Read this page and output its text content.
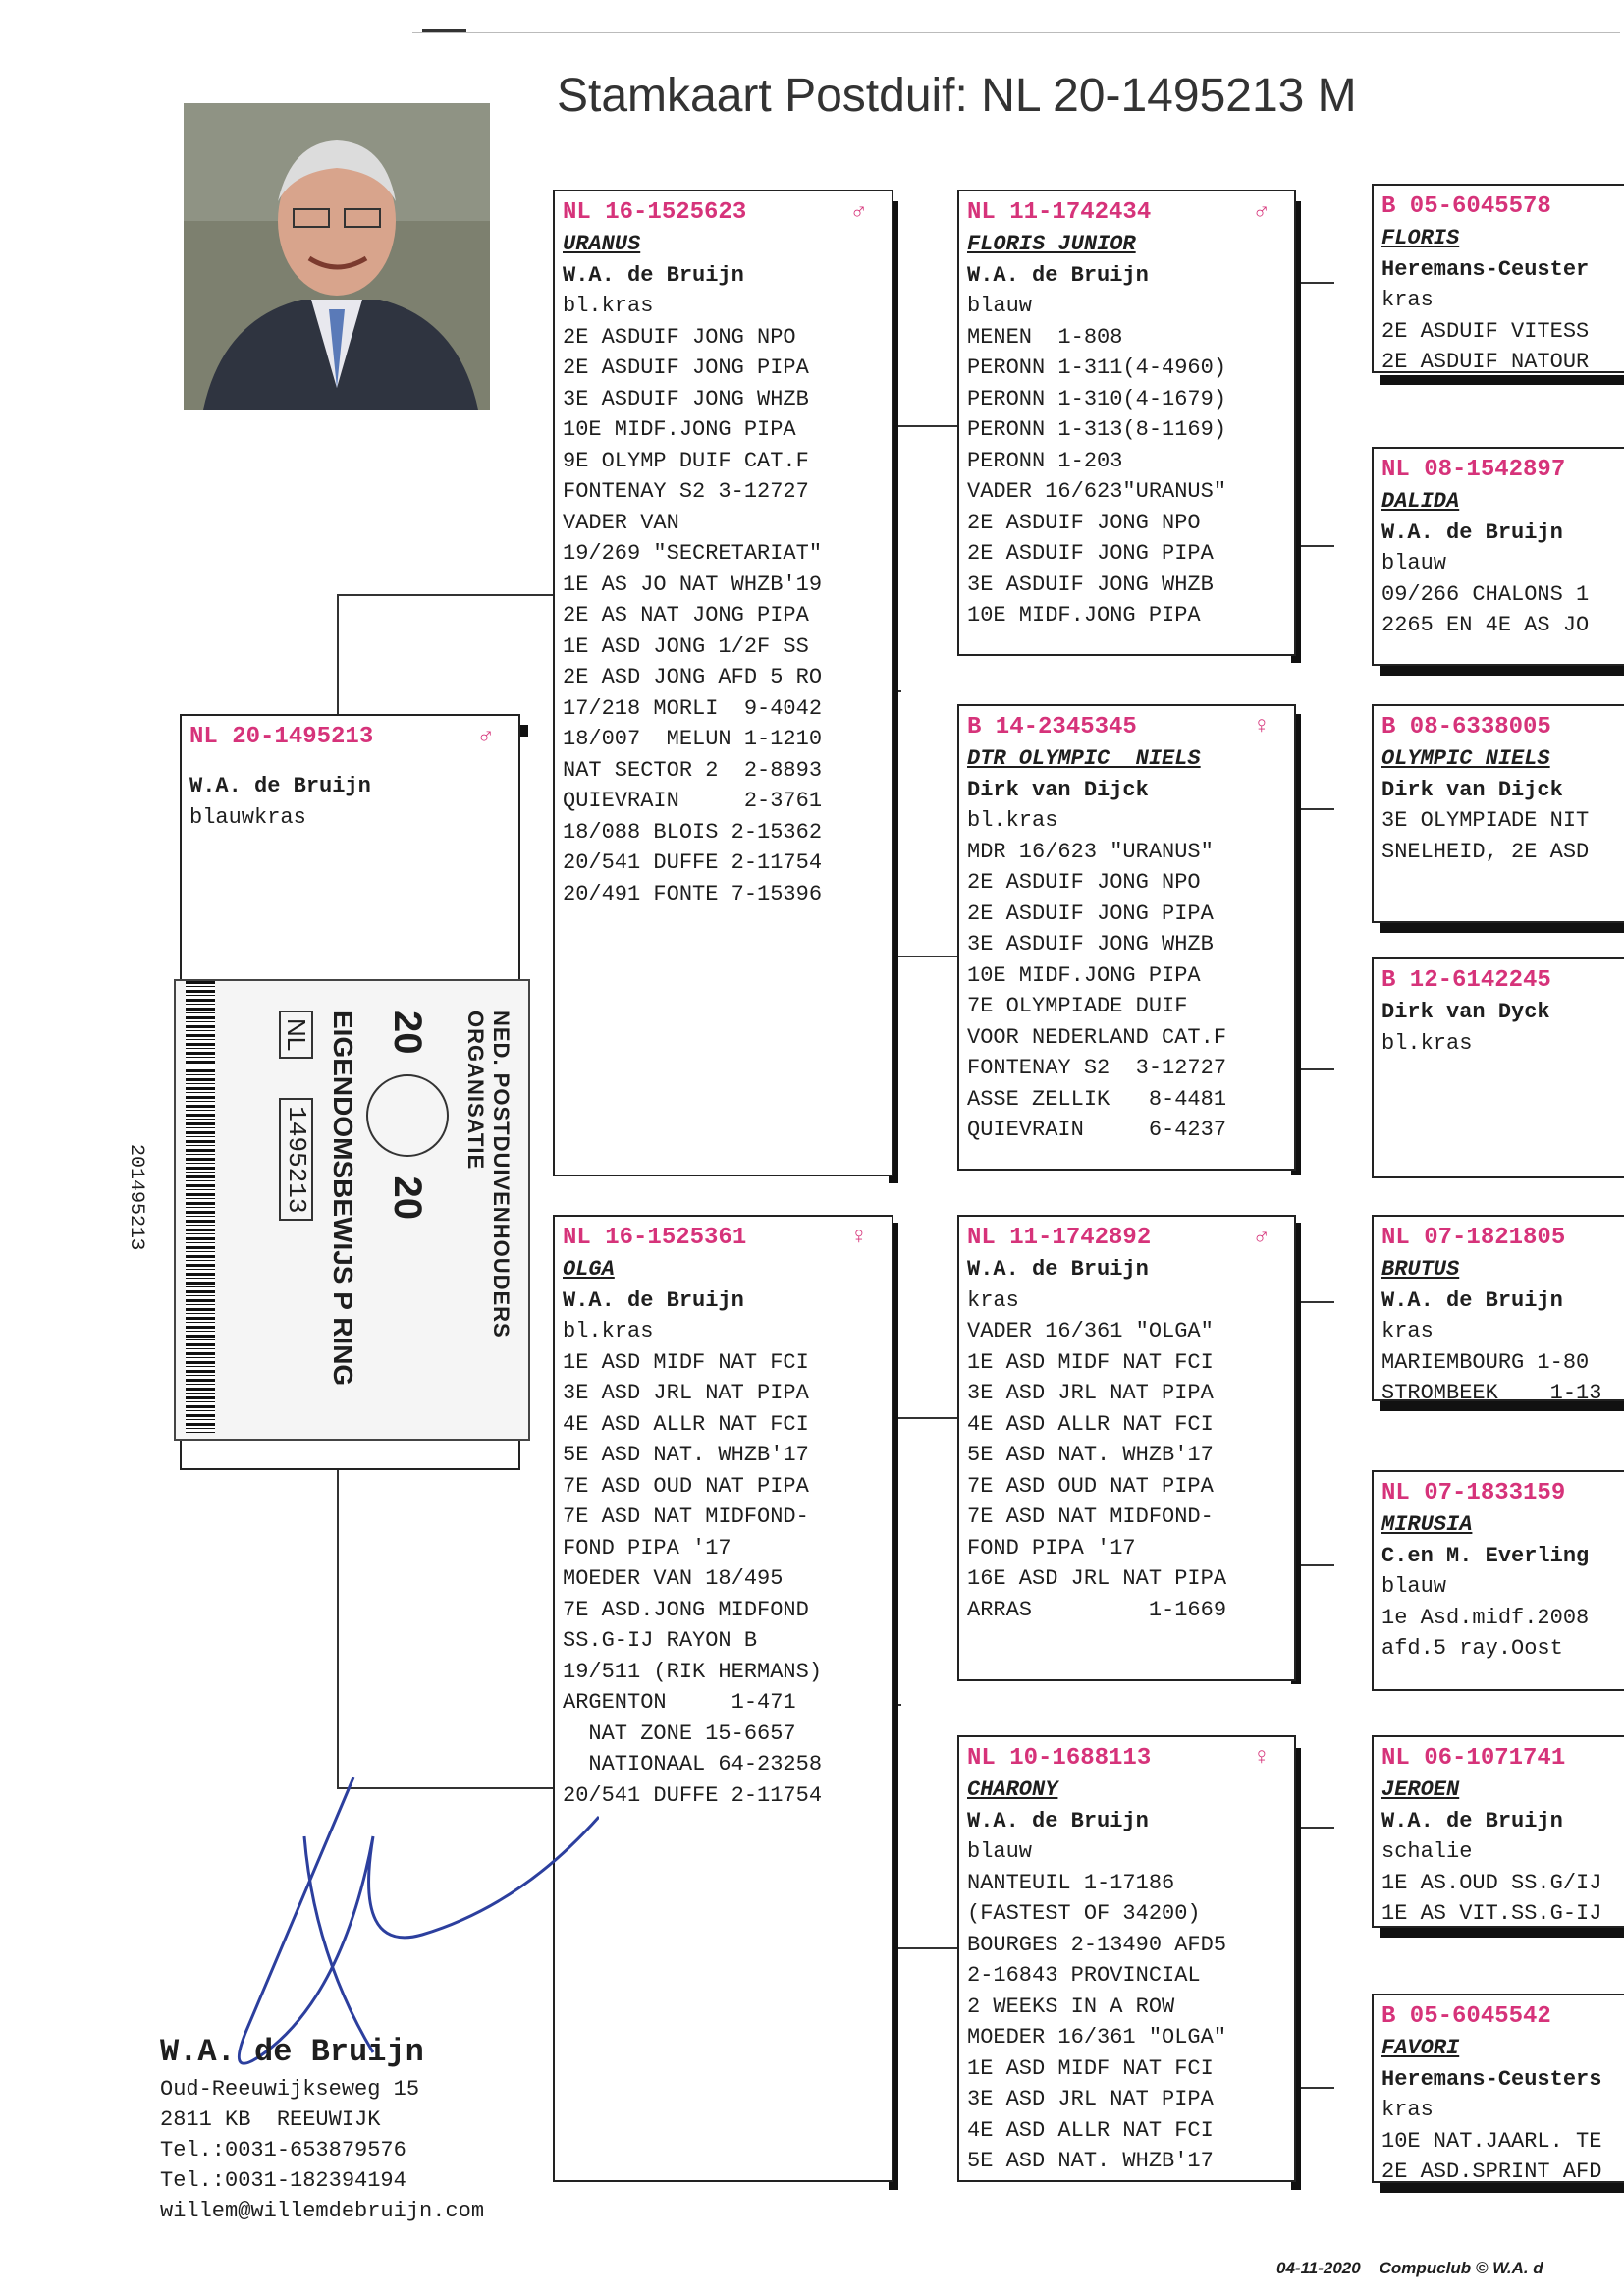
Stamkaart Postduif: NL 20-1495213 M
NL 20-1495213	♂
W.A. de Bruijn
blauwkras
NL 16-1525623	♂
URANUS
W.A. de Bruijn
bl.kras
2E ASDUIF JONG NPO
2E ASDUIF JONG PIPA
3E ASDUIF JONG WHZB
10E MIDF.JONG PIPA
9E OLYMP DUIF CAT.F
FONTENAY S2 3-12727
VADER VAN
19/269 "SECRETARIAT"
1E AS JO NAT WHZB'19
2E AS NAT JONG PIPA
1E ASD JONG 1/2F SS
2E ASD JONG AFD 5 RO
17/218 MORLI  9-4042
18/007  MELUN 1-1210
NAT SECTOR 2  2-8893
QUIEVRAIN     2-3761
18/088 BLOIS 2-15362
20/541 DUFFE 2-11754
20/491 FONTE 7-15396
NL 16-1525361	♀
OLGA
W.A. de Bruijn
bl.kras
1E ASD MIDF NAT FCI
3E ASD JRL NAT PIPA
4E ASD ALLR NAT FCI
5E ASD NAT. WHZB'17
7E ASD OUD NAT PIPA
7E ASD NAT MIDFOND-
FOND PIPA '17
MOEDER VAN 18/495
7E ASD.JONG MIDFOND
SS.G-IJ RAYON B
19/511 (RIK HERMANS)
ARGENTON     1-471
NAT ZONE 15-6657
NATIONAAL 64-23258
20/541 DUFFE 2-11754
NL 11-1742434	♂
FLORIS JUNIOR
W.A. de Bruijn
blauw
MENEN  1-808
PERONN 1-311(4-4960)
PERONN 1-310(4-1679)
PERONN 1-313(8-1169)
PERONN 1-203
VADER 16/623"URANUS"
2E ASDUIF JONG NPO
2E ASDUIF JONG PIPA
3E ASDUIF JONG WHZB
10E MIDF.JONG PIPA
B 14-2345345	♀
DTR OLYMPIC  NIELS
Dirk van Dijck
bl.kras
MDR 16/623 "URANUS"
2E ASDUIF JONG NPO
2E ASDUIF JONG PIPA
3E ASDUIF JONG WHZB
10E MIDF.JONG PIPA
7E OLYMPIADE DUIF
VOOR NEDERLAND CAT.F
FONTENAY S2  3-12727
ASSE ZELLIK   8-4481
QUIEVRAIN     6-4237
NL 11-1742892	♂
W.A. de Bruijn
kras
VADER 16/361 "OLGA"
1E ASD MIDF NAT FCI
3E ASD JRL NAT PIPA
4E ASD ALLR NAT FCI
5E ASD NAT. WHZB'17
7E ASD OUD NAT PIPA
7E ASD NAT MIDFOND-
FOND PIPA '17
16E ASD JRL NAT PIPA
ARRAS         1-1669
NL 10-1688113	♀
CHARONY
W.A. de Bruijn
blauw
NANTEUIL 1-17186
(FASTEST OF 34200)
BOURGES 2-13490 AFD5
2-16843 PROVINCIAL
2 WEEKS IN A ROW
MOEDER 16/361 "OLGA"
1E ASD MIDF NAT FCI
3E ASD JRL NAT PIPA
4E ASD ALLR NAT FCI
5E ASD NAT. WHZB'17
B 05-6045578
FLORIS
Heremans-Ceuster
kras
2E ASDUIF VITESS
2E ASDUIF NATOUR
NL 08-1542897
DALIDA
W.A. de Bruijn
blauw
09/266 CHALONS 1
2265 EN 4E AS JO
B 08-6338005
OLYMPIC NIELS
Dirk van Dijck
3E OLYMPIADE NIT
SNELHEID, 2E ASD
B 12-6142245
Dirk van Dyck
bl.kras
NL 07-1821805
BRUTUS
W.A. de Bruijn
kras
MARIEMBOURG 1-80
STROMBEEK    1-13
NL 07-1833159
MIRUSIA
C.en M. Everling
blauw
1e Asd.midf.2008
afd.5 ray.Oost
NL 06-1071741
JEROEN
W.A. de Bruijn
schalie
1E AS.OUD SS.G/IJ
1E AS VIT.SS.G-IJ
B 05-6045542
FAVORI
Heremans-Ceusters
kras
10E NAT.JAARL. TE
2E ASD.SPRINT AFD
NED. POSTDUIVENHOUDERS ORGANISATIE
20
20
EIGENDOMSBEWIJS P RING
NL
1495213
20149521З
W.A. de Bruijn
Oud-Reeuwijkseweg 15
2811 KB  REEUWIJK
Tel.:0031-653879576
Tel.:0031-182394194
willem@willemdebruijn.com
04-11-2020 Compuclub © W.A. d
